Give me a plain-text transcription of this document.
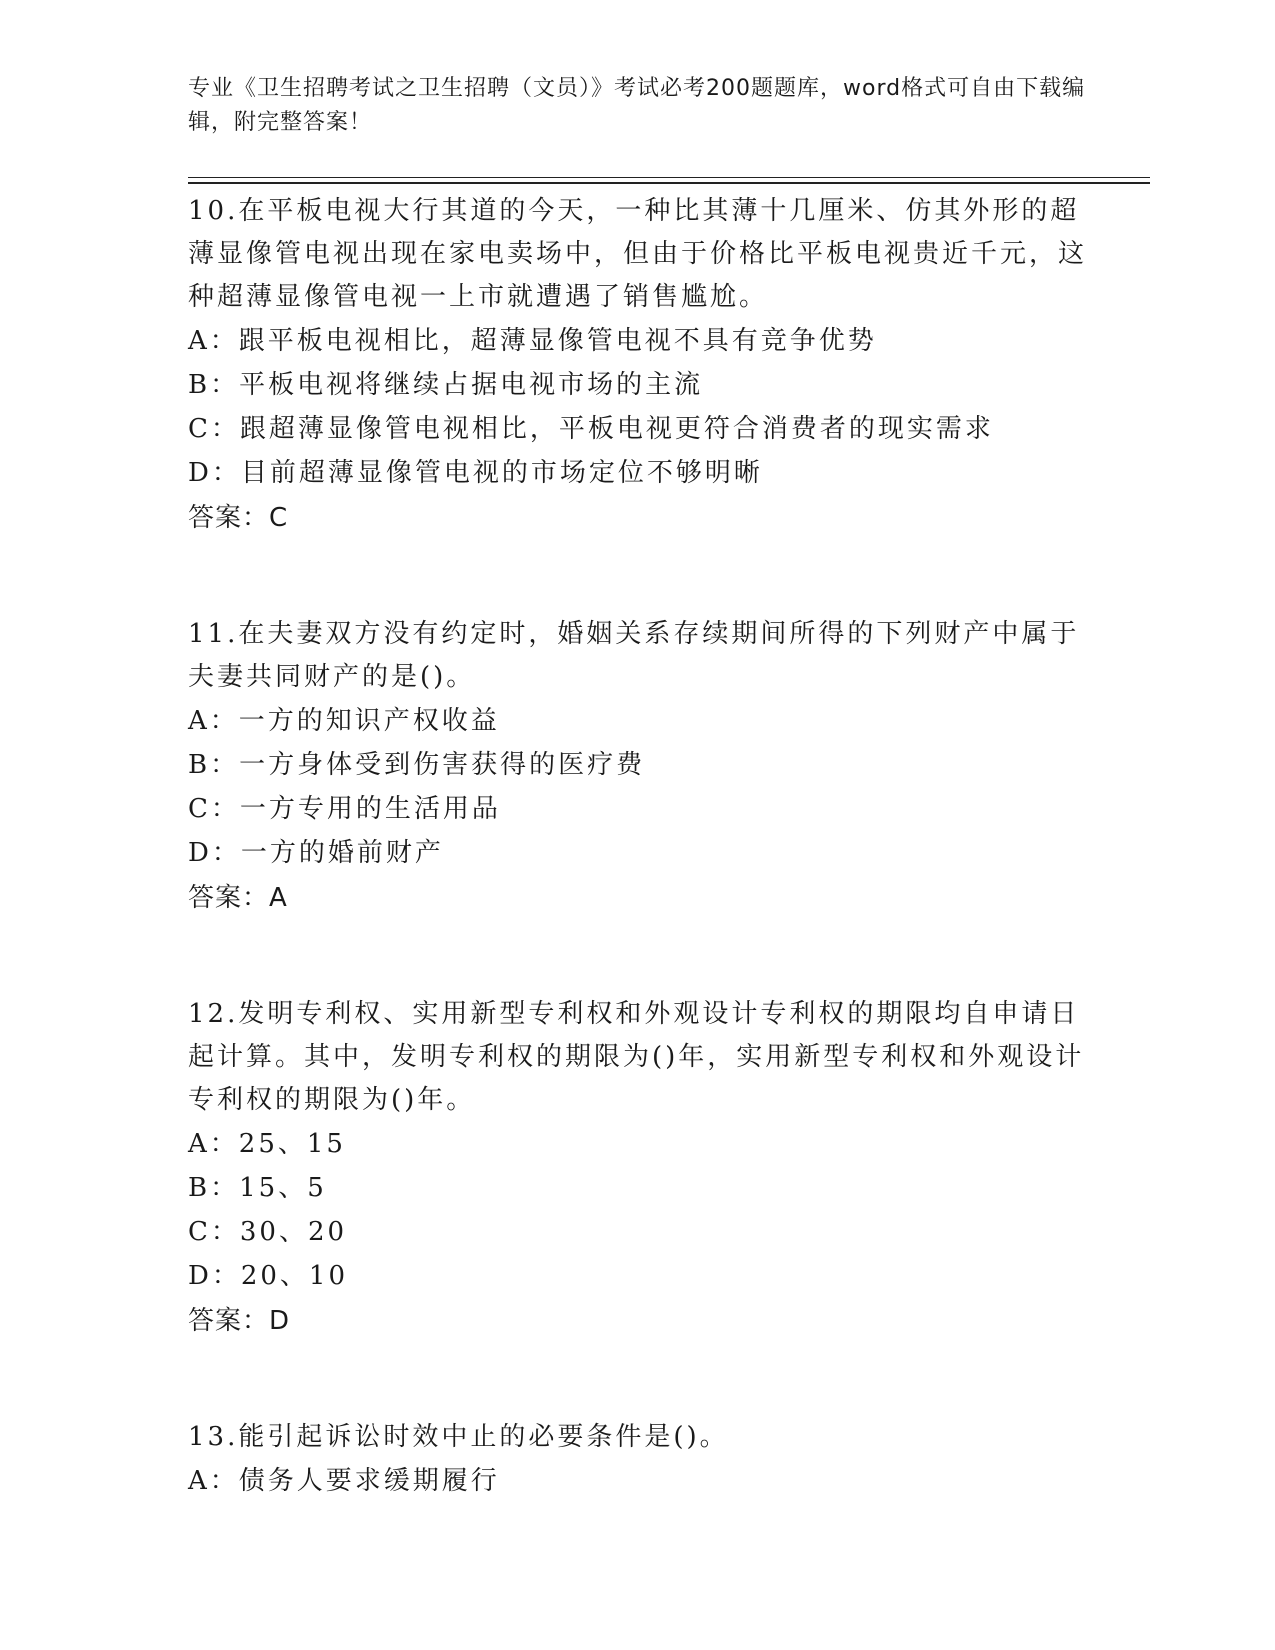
专业《卫生招聘考试之卫生招聘（文员）》考试必考200题题库，word格式可自由下载编辑，附完整答案！

10.在平板电视大行其道的今天，一种比其薄十几厘米、仿其外形的超薄显像管电视出现在家电卖场中，但由于价格比平板电视贵近千元，这种超薄显像管电视一上市就遭遇了销售尴尬。

A：跟平板电视相比，超薄显像管电视不具有竞争优势

B：平板电视将继续占据电视市场的主流

C：跟超薄显像管电视相比，平板电视更符合消费者的现实需求

D：目前超薄显像管电视的市场定位不够明晰

答案：C

11.在夫妻双方没有约定时，婚姻关系存续期间所得的下列财产中属于夫妻共同财产的是()。

A：一方的知识产权收益

B：一方身体受到伤害获得的医疗费

C：一方专用的生活用品

D：一方的婚前财产

答案：A

12.发明专利权、实用新型专利权和外观设计专利权的期限均自申请日起计算。其中，发明专利权的期限为()年，实用新型专利权和外观设计专利权的期限为()年。

A：25、15

B：15、5

C：30、20

D：20、10

答案：D

13.能引起诉讼时效中止的必要条件是()。

A：债务人要求缓期履行
